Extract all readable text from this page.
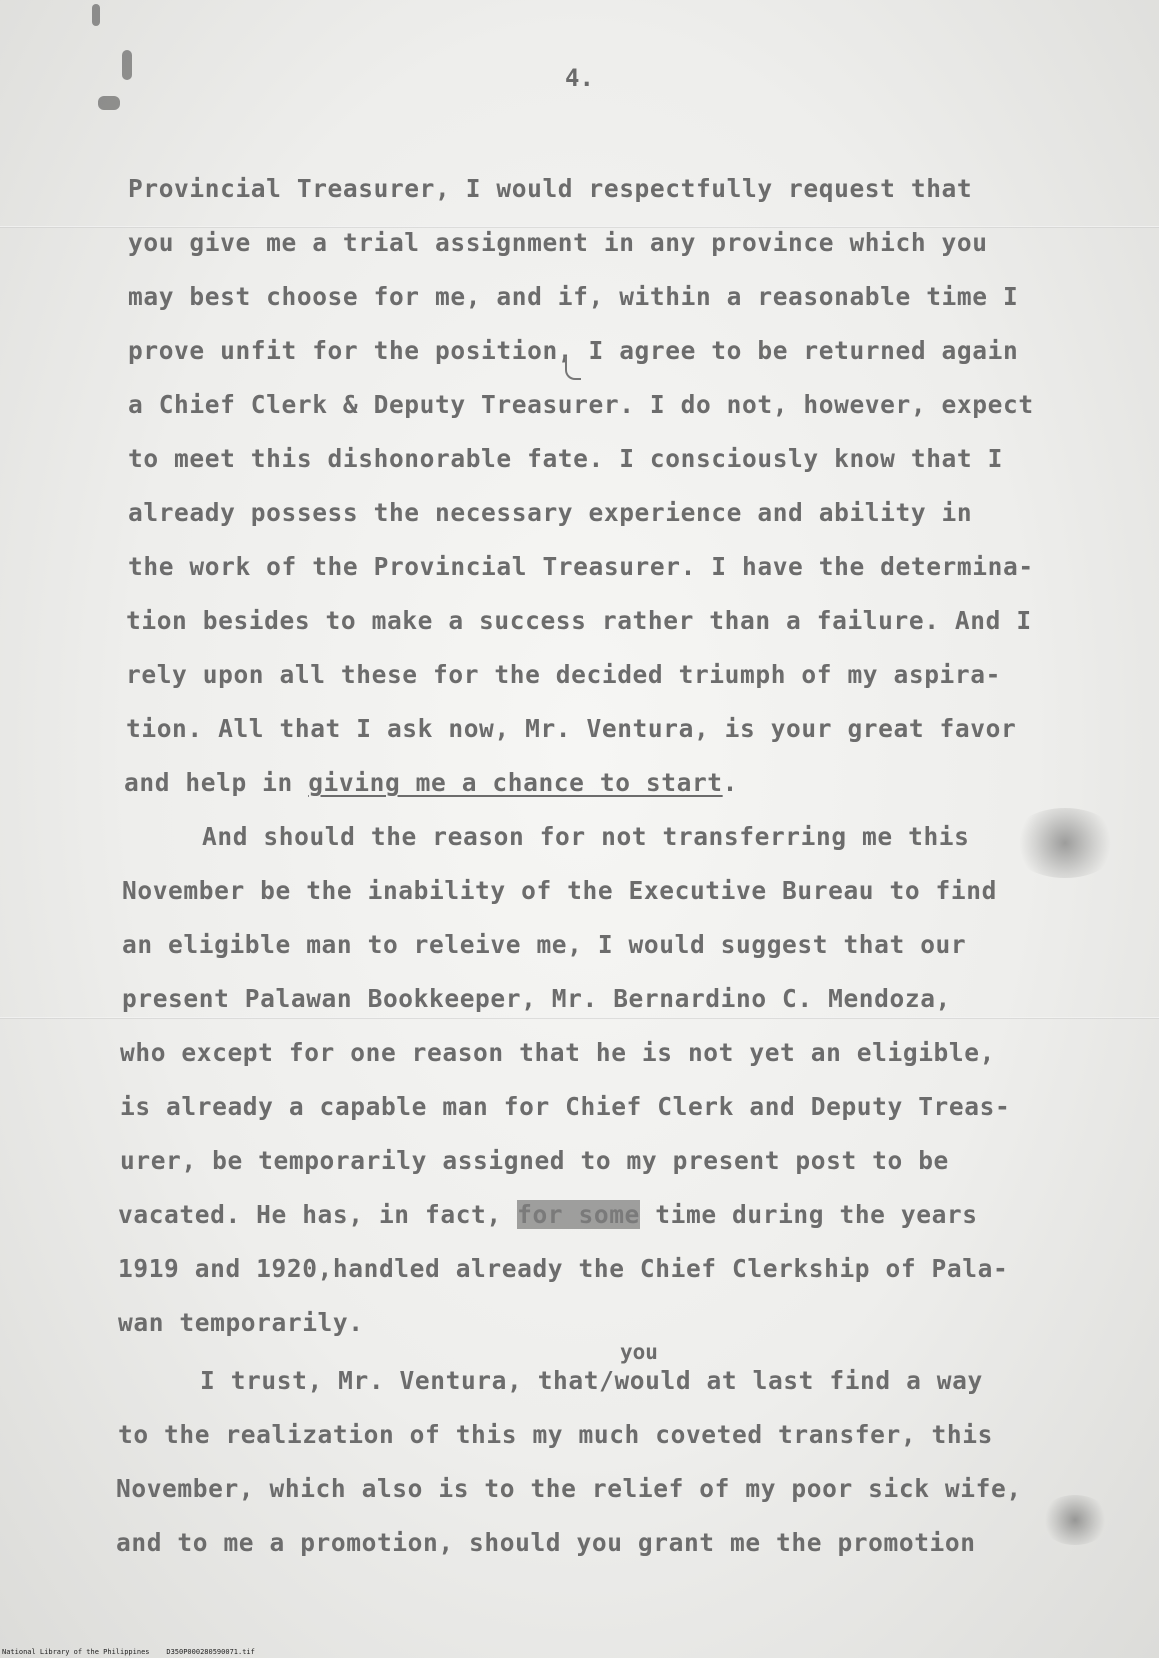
4.
Provincial Treasurer, I would respectfully request that
you give me a trial assignment in any province which you
may best choose for me, and if, within a reasonable time I
prove unfit for the position, I agree to be returned again
a Chief Clerk & Deputy Treasurer. I do not, however, expect
to meet this dishonorable fate. I consciously know that I
already possess the necessary experience and ability in
the work of the Provincial Treasurer. I have the determina-
tion besides to make a success rather than a failure. And I
rely upon all these for the decided triumph of my aspira-
tion. All that I ask now, Mr. Ventura, is your great favor
and help in giving me a chance to start.
And should the reason for not transferring me this
November be the inability of the Executive Bureau to find
an eligible man to releive me, I would suggest that our
present Palawan Bookkeeper, Mr. Bernardino C. Mendoza,
who except for one reason that he is not yet an eligible,
is already a capable man for Chief Clerk and Deputy Treas-
urer, be temporarily assigned to my present post to be
vacated. He has, in fact, for some time during the years
1919 and 1920,handled already the Chief Clerkship of Pala-
wan temporarily.
you
I trust, Mr. Ventura, that/would at last find a way
to the realization of this my much coveted transfer, this
November, which also is to the relief of my poor sick wife,
and to me a promotion, should you grant me the promotion
National Library of the Philippines    D350P000280590071.tif
